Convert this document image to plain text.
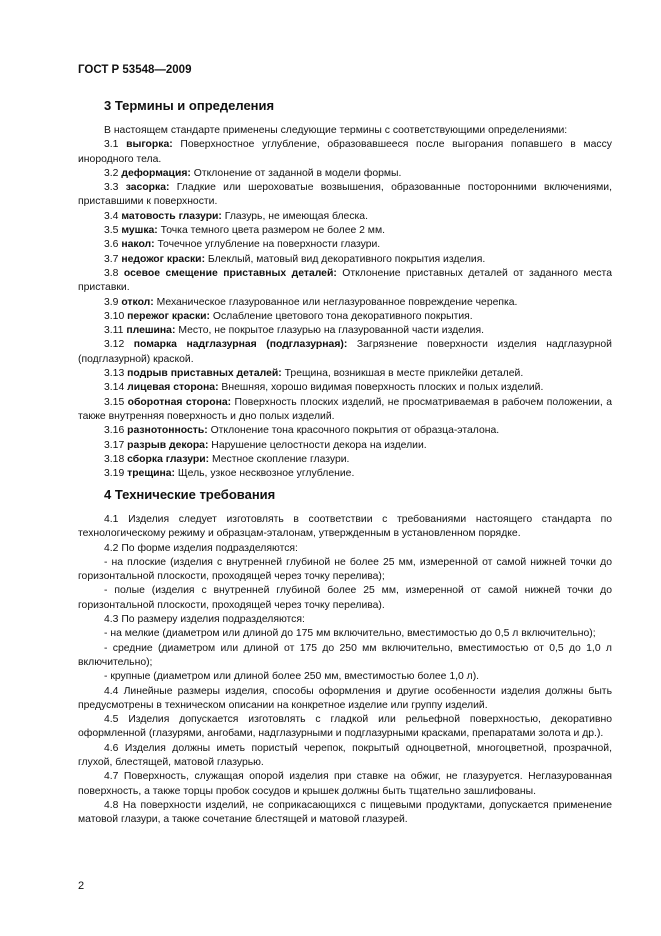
ГОСТ Р 53548—2009
3 Термины и определения

В настоящем стандарте применены следующие термины с соответствующими определениями:

3.1 выгорка: Поверхностное углубление, образовавшееся после выгорания попавшего в массу инородного тела.

3.2 деформация: Отклонение от заданной в модели формы.

3.3 засорка: Гладкие или шероховатые возвышения, образованные посторонними включениями, приставшими к поверхности.

3.4 матовость глазури: Глазурь, не имеющая блеска.

3.5 мушка: Точка темного цвета размером не более 2 мм.

3.6 накол: Точечное углубление на поверхности глазури.

3.7 недожог краски: Блеклый, матовый вид декоративного покрытия изделия.

3.8 осевое смещение приставных деталей: Отклонение приставных деталей от заданного места приставки.

3.9 откол: Механическое глазурованное или неглазурованное повреждение черепка.

3.10 пережог краски: Ослабление цветового тона декоративного покрытия.

3.11 плешина: Место, не покрытое глазурью на глазурованной части изделия.

3.12 помарка надглазурная (подглазурная): Загрязнение поверхности изделия надглазурной (подглазурной) краской.

3.13 подрыв приставных деталей: Трещина, возникшая в месте приклейки деталей.

3.14 лицевая сторона: Внешняя, хорошо видимая поверхность плоских и полых изделий.

3.15 оборотная сторона: Поверхность плоских изделий, не просматриваемая в рабочем положении, а также внутренняя поверхность и дно полых изделий.

3.16 разнотонность: Отклонение тона красочного покрытия от образца-эталона.

3.17 разрыв декора: Нарушение целостности декора на изделии.

3.18 сборка глазури: Местное скопление глазури.

3.19 трещина: Щель, узкое несквозное углубление.

4 Технические требования

4.1 Изделия следует изготовлять в соответствии с требованиями настоящего стандарта по технологическому режиму и образцам-эталонам, утвержденным в установленном порядке.

4.2 По форме изделия подразделяются:

- на плоские (изделия с внутренней глубиной не более 25 мм, измеренной от самой нижней точки до горизонтальной плоскости, проходящей через точку перелива);

- полые (изделия с внутренней глубиной более 25 мм, измеренной от самой нижней точки до горизонтальной плоскости, проходящей через точку перелива).

4.3 По размеру изделия подразделяются:

- на мелкие (диаметром или длиной до 175 мм включительно, вместимостью до 0,5 л включительно);

- средние (диаметром или длиной от 175 до 250 мм включительно, вместимостью от 0,5 до 1,0 л включительно);

- крупные (диаметром или длиной более 250 мм, вместимостью более 1,0 л).

4.4 Линейные размеры изделия, способы оформления и другие особенности изделия должны быть предусмотрены в техническом описании на конкретное изделие или группу изделий.

4.5 Изделия допускается изготовлять с гладкой или рельефной поверхностью, декоративно оформленной (глазурями, ангобами, надглазурными и подглазурными красками, препаратами золота и др.).

4.6 Изделия должны иметь пористый черепок, покрытый одноцветной, многоцветной, прозрачной, глухой, блестящей, матовой глазурью.

4.7 Поверхность, служащая опорой изделия при ставке на обжиг, не глазуруется. Неглазурованная поверхность, а также торцы пробок сосудов и крышек должны быть тщательно зашлифованы.

4.8 На поверхности изделий, не соприкасающихся с пищевыми продуктами, допускается применение матовой глазури, а также сочетание блестящей и матовой глазурей.

2
